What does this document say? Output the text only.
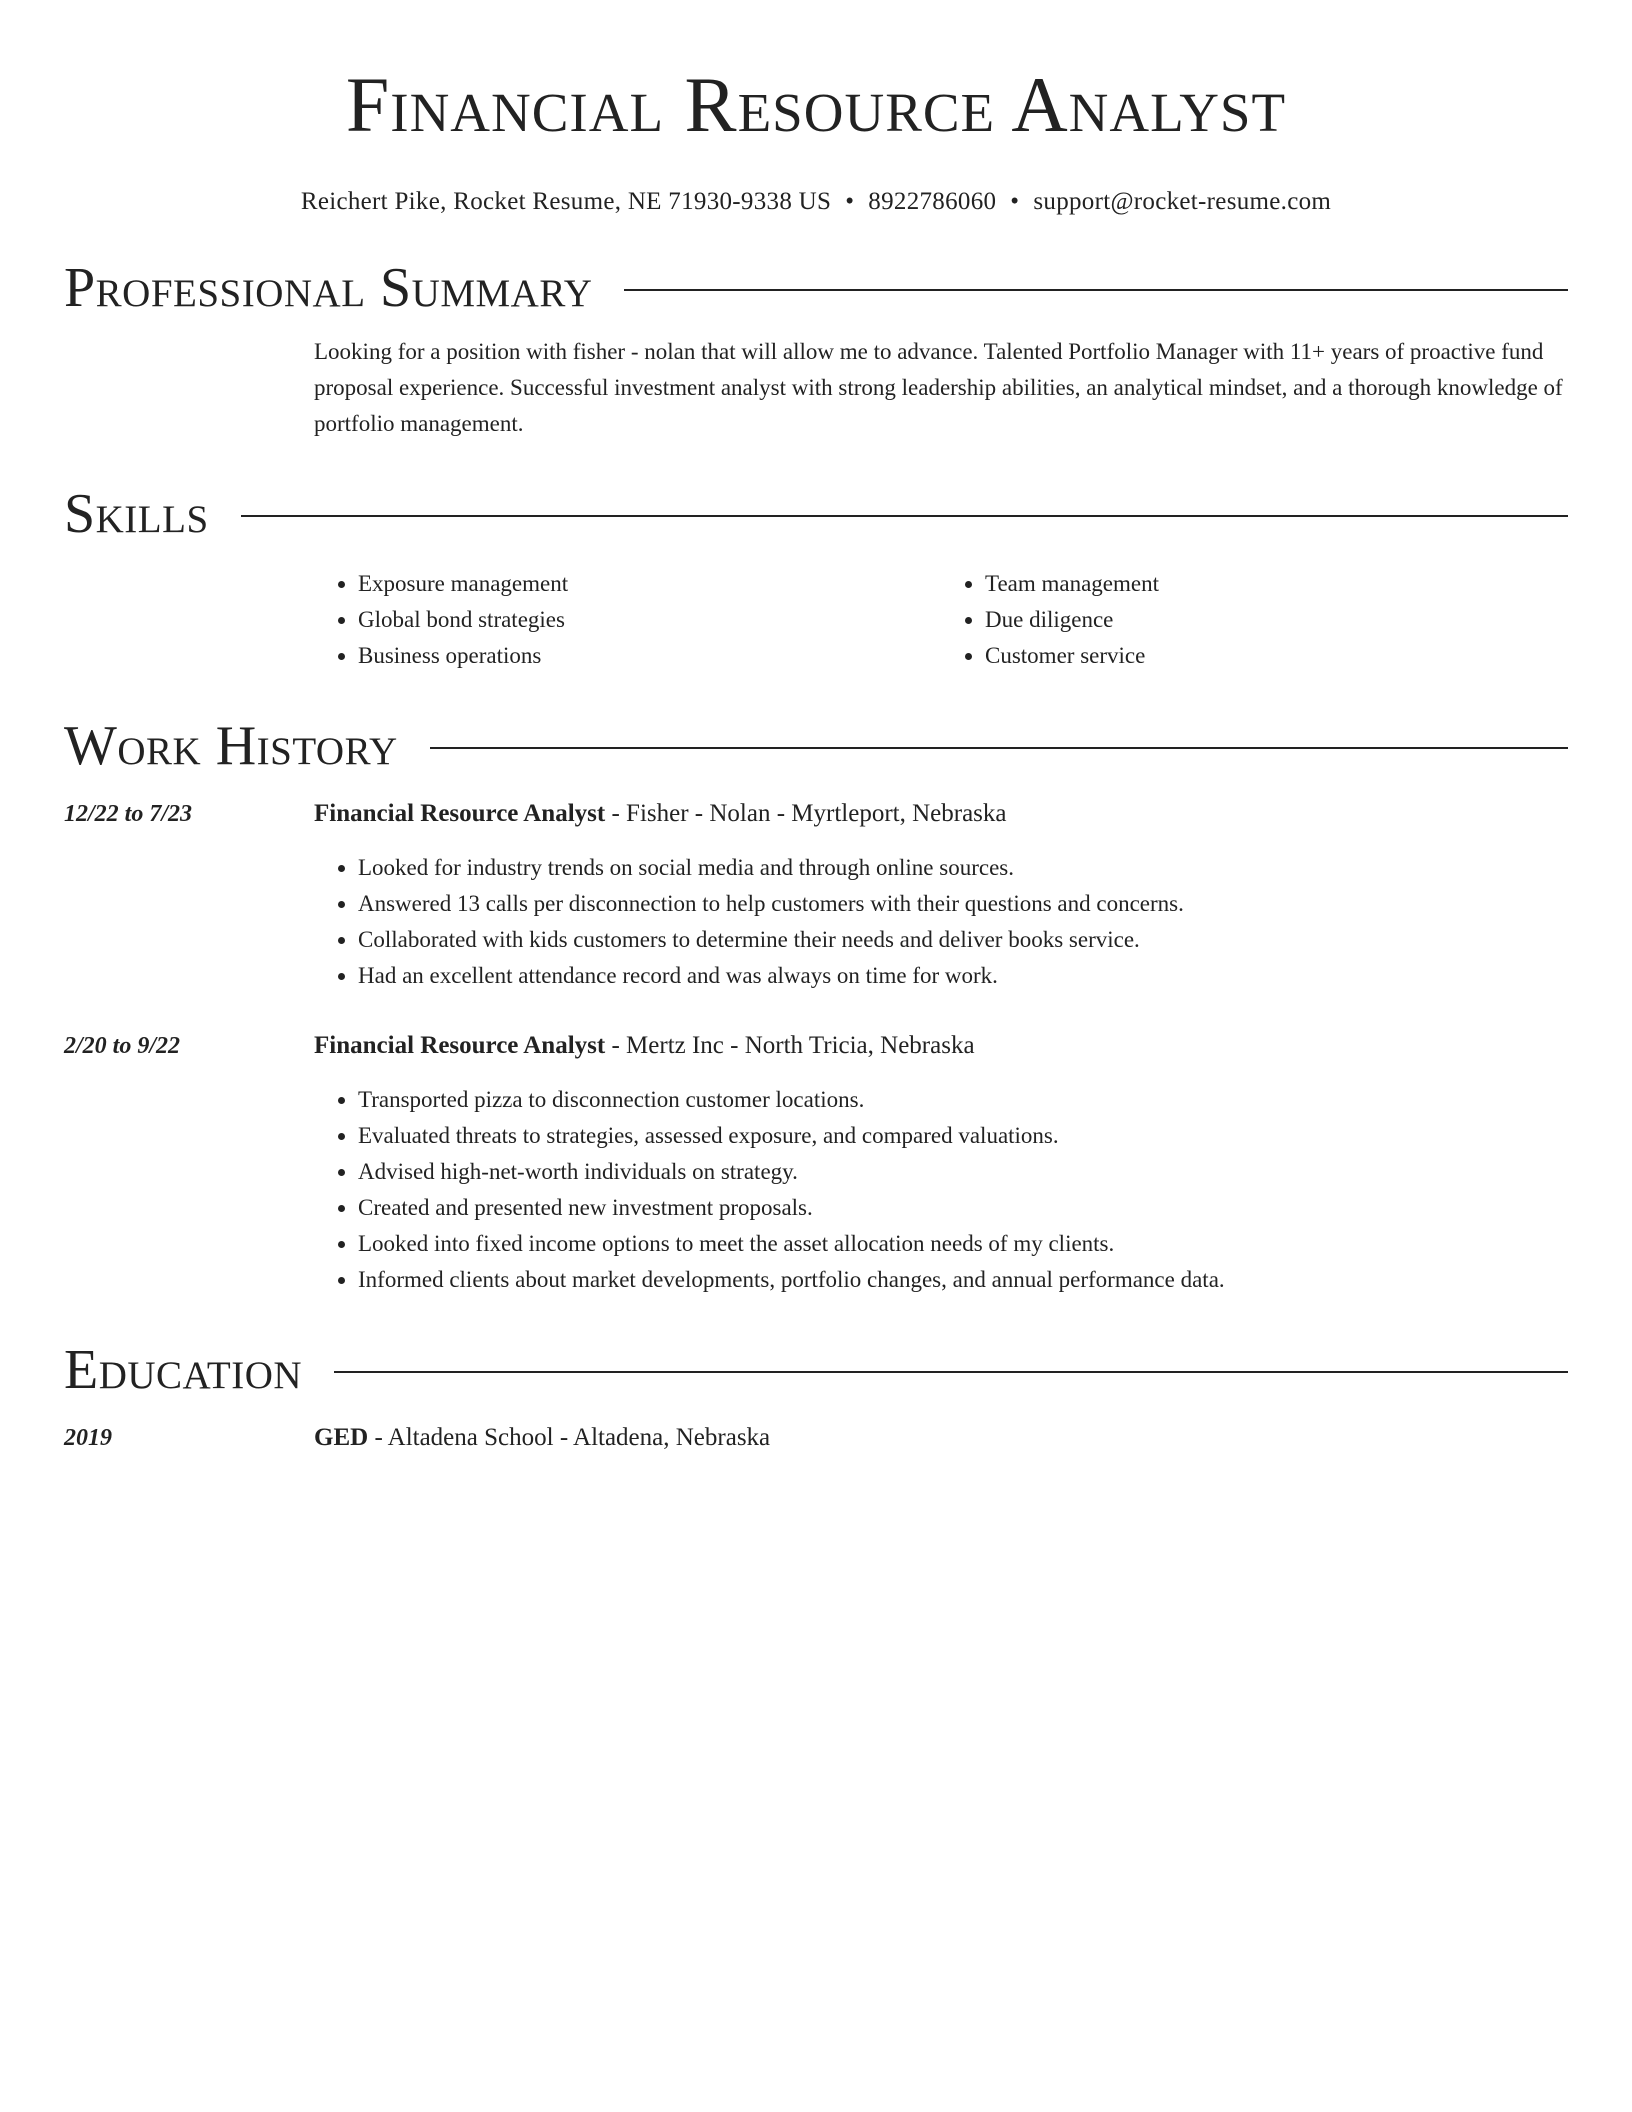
Financial Resource Analyst
Reichert Pike, Rocket Resume, NE 71930-9338 US • 8922786060 • support@rocket-resume.com
Professional Summary
Looking for a position with fisher - nolan that will allow me to advance. Talented Portfolio Manager with 11+ years of proactive fund proposal experience. Successful investment analyst with strong leadership abilities, an analytical mindset, and a thorough knowledge of portfolio management.
Skills
• Exposure management
• Global bond strategies
• Business operations
• Team management
• Due diligence
• Customer service
Work History
12/22 to 7/23	Financial Resource Analyst - Fisher - Nolan - Myrtleport, Nebraska
• Looked for industry trends on social media and through online sources.
• Answered 13 calls per disconnection to help customers with their questions and concerns.
• Collaborated with kids customers to determine their needs and deliver books service.
• Had an excellent attendance record and was always on time for work.
2/20 to 9/22	Financial Resource Analyst - Mertz Inc - North Tricia, Nebraska
• Transported pizza to disconnection customer locations.
• Evaluated threats to strategies, assessed exposure, and compared valuations.
• Advised high-net-worth individuals on strategy.
• Created and presented new investment proposals.
• Looked into fixed income options to meet the asset allocation needs of my clients.
• Informed clients about market developments, portfolio changes, and annual performance data.
Education
2019	GED - Altadena School - Altadena, Nebraska
